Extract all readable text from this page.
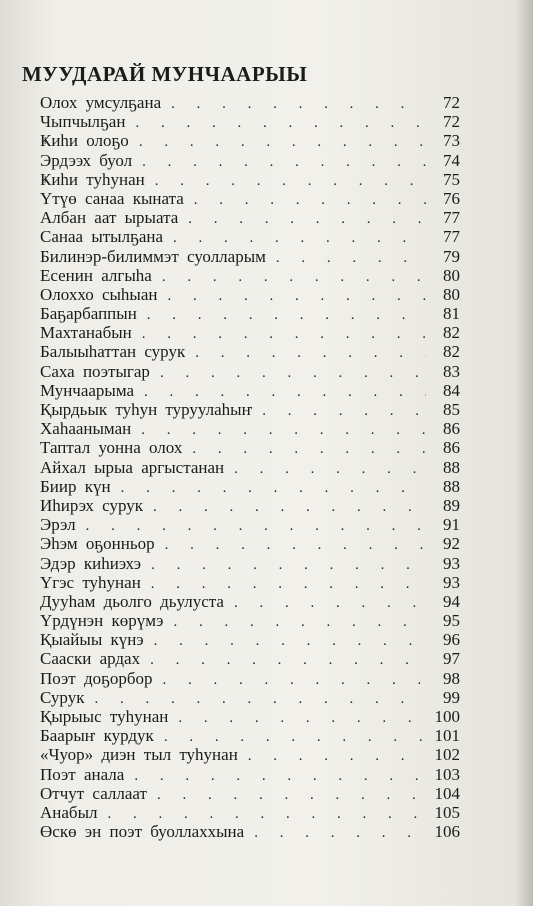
МУУДАРАЙ МУНЧААРЫЫ
Олох умсулҕана . . .	72
Чыпчылҕан . . .	72
Ҝиһи олоҕо . . .	73
Эрдээх буол . . .	74
Ҝиһи туһунан . . .	75
Үтүө санаа кыната . . .	76
Албан аат ырыата . . .	77
Санаа ытылҕана . . .	77
Билинэр-билиммэт суолларым . . .	79
Есенин алгыһа . . .	80
Олоххо сыһыан . . .	80
Баҕарбаппын . . .	81
Махтанабын . . .	82
Балыыһаттан сурук . . .	82
Саха поэтыгар . . .	83
Мунчаарыма . . .	84
Қырдьык туһун туруулаһыҥ . . .	85
Хаһааныман . . .	86
Таптал уонна олох . . .	86
Айхал ырыа аргыстанан . . .	88
Биир күн . . .	88
Иһирэх сурук . . .	89
Эрэл . . .	91
Эһэм оҕонньор . . .	92
Эдэр киһиэхэ . . .	93
Үгэс туһунан . . .	93
Дууһам дьолго дьулуста . . .	94
Үрдүнэн көрүмэ . . .	95
Қыайыы күнэ . . .	96
Саacки ардах . . .	97
Поэт доҕорбор . . .	98
Сурук . . .	99
Қырыыс туһунан . . .	100
Баарыҥ курдук . . .	101
«Чуор» диэн тыл туһунан . . .	102
Поэт анала . . .	103
Отчут саллаат . . .	104
Анабыл . . .	105
Өскө эн поэт буоллаххына . . .	106
